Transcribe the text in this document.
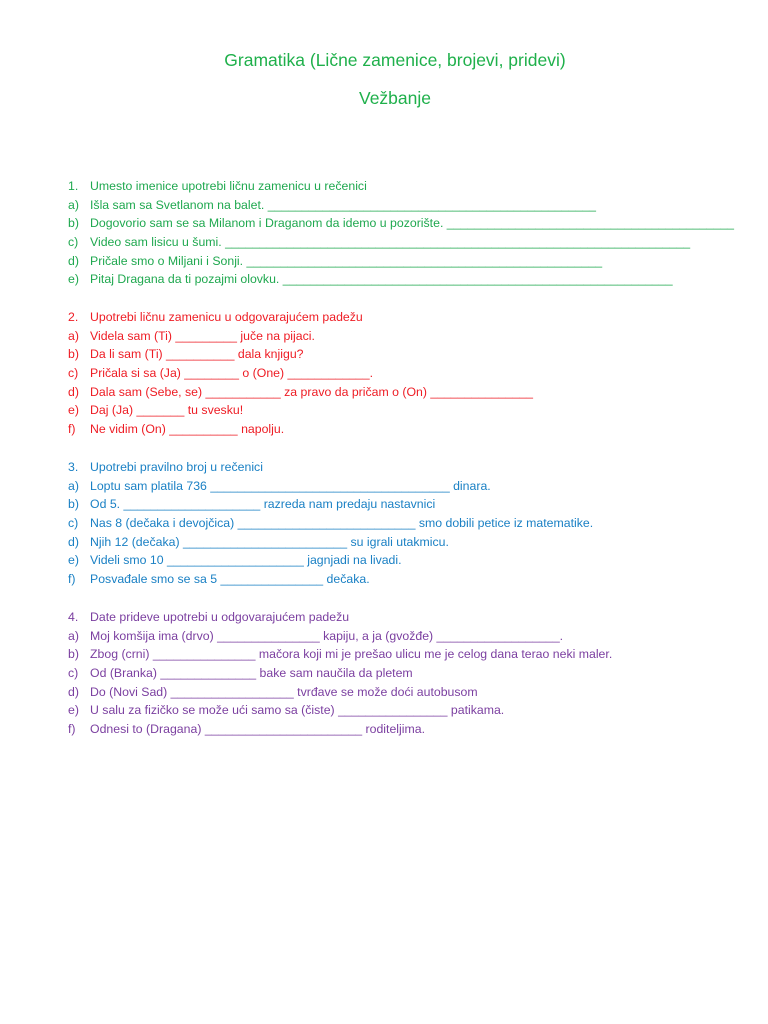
Gramatika (Lične zamenice, brojevi, pridevi)
Vežbanje
1. Umesto imenice upotrebi ličnu zamenicu u rečenici
a) Išla sam sa Svetlanom na balet. ________________________________________________
b) Dogovorio sam se sa Milanom i Draganom da idemo u pozorište. __________________________________________
c) Video sam lisicu u šumi. ____________________________________________________________________
d) Pričale smo o Miljani i Sonji. ____________________________________________________
e) Pitaj Dragana da ti pozajmi olovku. _________________________________________________________
2. Upotrebi ličnu zamenicu u odgovarajućem padežu
a) Videla sam (Ti) _________ juče na pijaci.
b) Da li sam (Ti) __________ dala knjigu?
c) Pričala si sa (Ja) ________ o (One) ____________.
d) Dala sam (Sebe, se) ___________ za pravo da pričam o (On) _______________
e) Daj (Ja) _______ tu svesku!
f)	Ne vidim (On) __________ napolju.
3. Upotrebi pravilno broj u rečenici
a) Loptu sam platila 736 ___________________________________ dinara.
b) Od 5. ____________________ razreda nam predaju nastavnici
c) Nas 8 (dečaka i devojčica) __________________________ smo dobili petice iz matematike.
d) Njih 12 (dečaka) ________________________ su igrali utakmicu.
e) Videli smo 10 ____________________ jagnjadi na livadi.
f)	Posvađale smo se sa 5 _______________ dečaka.
4. Date prideve upotrebi u odgovarajućem padežu
a) Moj komšija ima (drvo) _______________ kapiju, a ja (gvožđe) __________________.
b) Zbog (crni) _______________ mačora koji mi je prešao ulicu me je celog dana terao neki maler.
c) Od (Branka) ______________ bake sam naučila da pletem
d) Do (Novi Sad) __________________ tvrđave se može doći autobusom
e) U salu za fizičko se može ući samo sa (čiste) ________________ patikama.
f)	Odnesi to (Dragana) _______________________ roditeljima.
